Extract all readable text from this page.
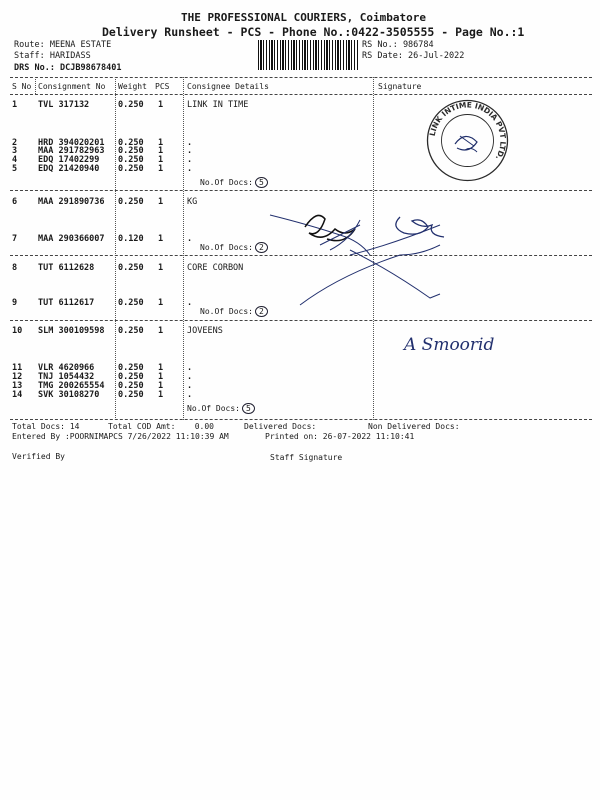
THE PROFESSIONAL COURIERS, Coimbatore
Delivery Runsheet - PCS - Phone No.:0422-3505555 - Page No.:1
Route: MEENA ESTATE
Staff: HARIDASS
DRS No.: DCJB98678401
RS No.: 986784
RS Date: 26-Jul-2022
S No Consignment No Weight PCS Consignee Details	Signature
1 TVL 317132	0.250 1	LINK IN TIME
2 HRD 394020201 0.250 1	.
3 MAA 291782963 0.250 1	.
4 EDQ 17402299 0.250 1	.
5 EDQ 21420940 0.250 1	.
No.Of Docs: 5
6 MAA 291890736 0.250 1	KG
7 MAA 290366007 0.120 1	.
No.Of Docs: 2
8 TUT 6112628	0.250 1	CORE CORBON
9 TUT 6112617	0.250 1	.
No.Of Docs: 2
10 SLM 300109598 0.250 1	JOVEENS
11 VLR 4620966	0.250 1	.
12 TNJ 1054432	0.250 1	.
13 TMG 200265554 0.250 1	.
14 SVK 30108270 0.250 1	.
No.Of Docs: 5
Total Docs: 14	Total COD Amt: 0.00	Delivered Docs:	Non Delivered Docs:
Entered By :POORNIMAPCS 7/26/2022 11:10:39 AM	Printed on: 26-07-2022 11:10:41
Verified By	Staff Signature
LINK INTIME INDIA PVT LTD.
A Smoorid
